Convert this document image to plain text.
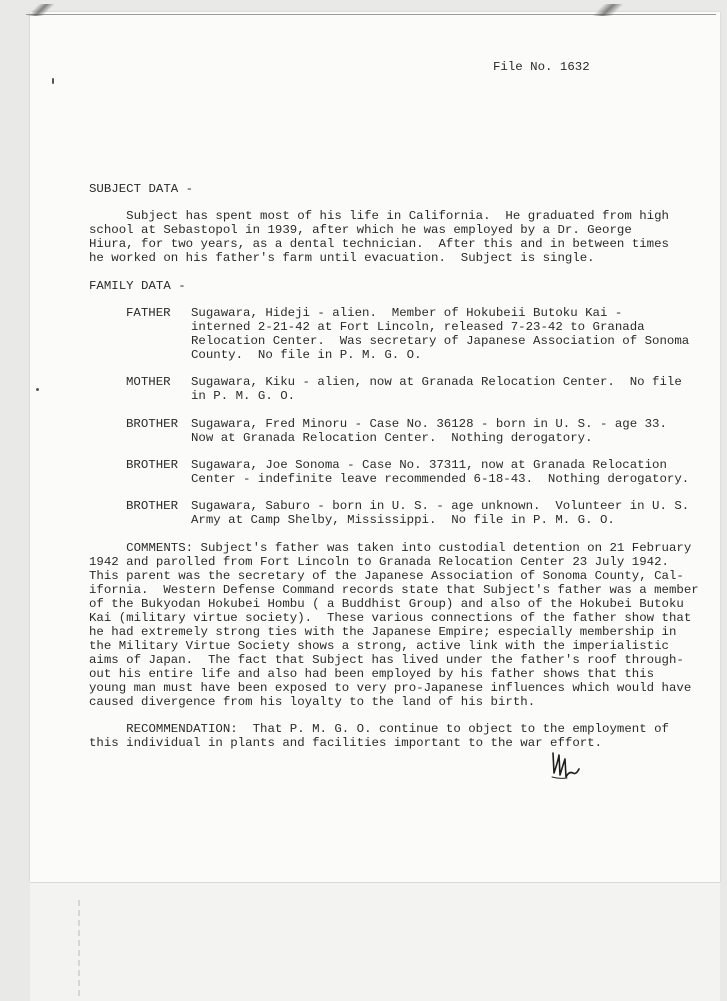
File No. 1632

SUBJECT DATA -

Subject has spent most of his life in California.  He graduated from high

school at Sebastopol in 1939, after which he was employed by a Dr. George

Hiura, for two years, as a dental technician.  After this and in between times

he worked on his father's farm until evacuation.  Subject is single.

FAMILY DATA -

FATHER Sugawara, Hideji - alien.  Member of Hokubeii Butoku Kai -

interned 2-21-42 at Fort Lincoln, released 7-23-42 to Granada

Relocation Center.  Was secretary of Japanese Association of Sonoma

County.  No file in P. M. G. O.

MOTHER Sugawara, Kiku - alien, now at Granada Relocation Center.  No file

in P. M. G. O.

BROTHER Sugawara, Fred Minoru - Case No. 36128 - born in U. S. - age 33.

Now at Granada Relocation Center.  Nothing derogatory.

BROTHER Sugawara, Joe Sonoma - Case No. 37311, now at Granada Relocation

Center - indefinite leave recommended 6-18-43.  Nothing derogatory.

BROTHER Sugawara, Saburo - born in U. S. - age unknown.  Volunteer in U. S.

Army at Camp Shelby, Mississippi.  No file in P. M. G. O.

COMMENTS: Subject's father was taken into custodial detention on 21 February

1942 and parolled from Fort Lincoln to Granada Relocation Center 23 July 1942.

This parent was the secretary of the Japanese Association of Sonoma County, Cal-

ifornia.  Western Defense Command records state that Subject's father was a member

of the Bukyodan Hokubei Hombu ( a Buddhist Group) and also of the Hokubei Butoku

Kai (military virtue society).  These various connections of the father show that

he had extremely strong ties with the Japanese Empire; especially membership in

the Military Virtue Society shows a strong, active link with the imperialistic

aims of Japan.  The fact that Subject has lived under the father's roof through-

out his entire life and also had been employed by his father shows that this

young man must have been exposed to very pro-Japanese influences which would have

caused divergence from his loyalty to the land of his birth.

RECOMMENDATION:  That P. M. G. O. continue to object to the employment of

this individual in plants and facilities important to the war effort.
